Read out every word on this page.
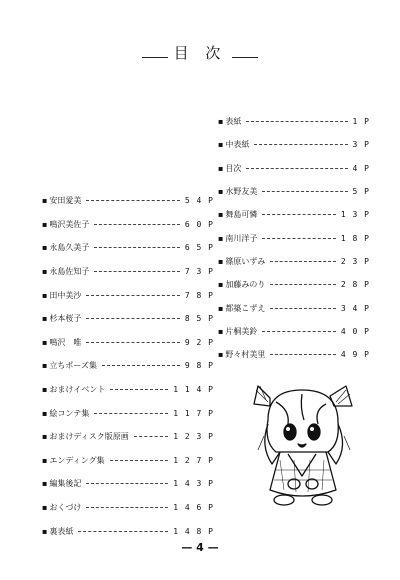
目 次
▪ 表紙	1 P
▪ 中表紙	3 P
▪ 目次	4 P
▪ 水野友美	5 P
▪ 舞島可憐	1 3 P
▪ 南川洋子	1 8 P
▪ 篠原いずみ	2 3 P
▪ 加藤みのり	2 8 P
▪ 都築こずえ	3 4 P
▪ 片桐美鈴	4 0 P
▪ 野々村美里	4 9 P
▪ 安田愛美	5 4 P
▪ 鳴沢美佐子	6 0 P
▪ 永島久美子	6 5 P
▪ 永島佐知子	7 3 P
▪ 田中美沙	7 8 P
▪ 杉本桜子	8 5 P
▪ 鳴沢　唯	9 2 P
▪ 立ちポーズ集	9 8 P
▪ おまけイベント	1 1 4 P
▪ 絵コンテ集	1 1 7 P
▪ おまけディスク版原画	1 2 3 P
▪ エンディング集	1 2 7 P
▪ 編集後記	1 4 3 P
▪ おくづけ	1 4 6 P
▪ 裏表紙	1 4 8 P
— 4 —
